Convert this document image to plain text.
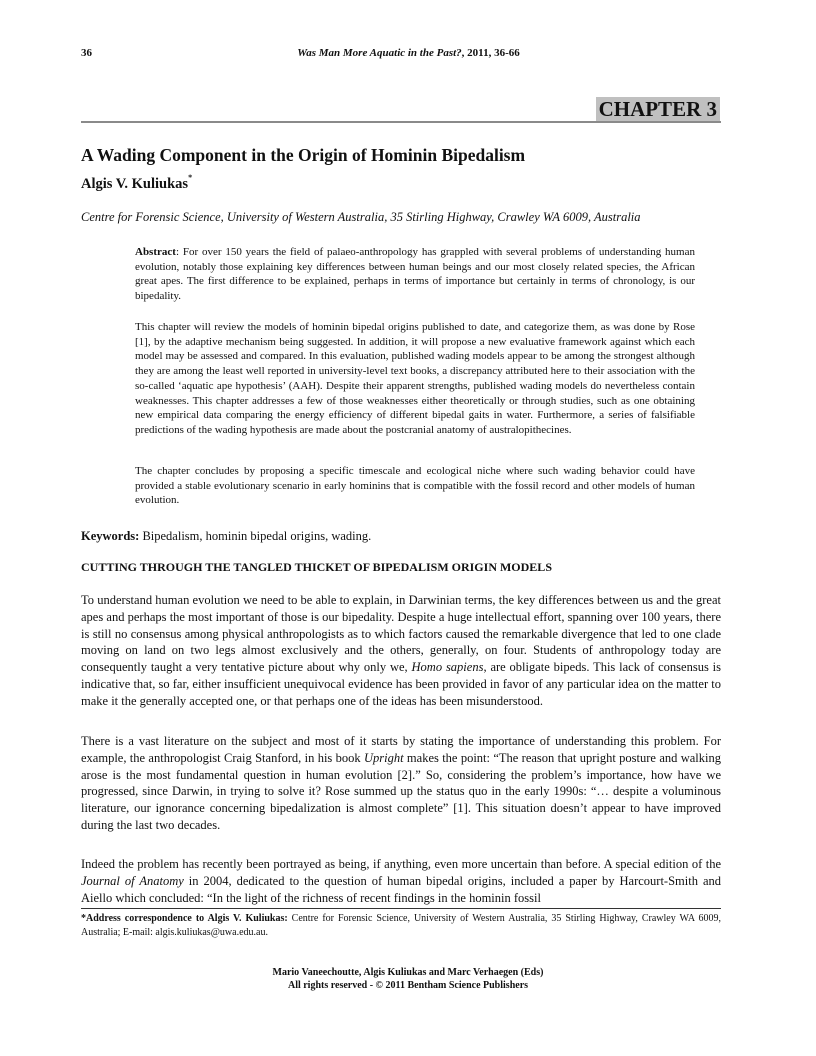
36	Was Man More Aquatic in the Past?, 2011, 36-66
CHAPTER 3
A Wading Component in the Origin of Hominin Bipedalism
Algis V. Kuliukas*
Centre for Forensic Science, University of Western Australia, 35 Stirling Highway, Crawley WA 6009, Australia
Abstract: For over 150 years the field of palaeo-anthropology has grappled with several problems of understanding human evolution, notably those explaining key differences between human beings and our most closely related species, the African great apes. The first difference to be explained, perhaps in terms of importance but certainly in terms of chronology, is our bipedality.
This chapter will review the models of hominin bipedal origins published to date, and categorize them, as was done by Rose [1], by the adaptive mechanism being suggested. In addition, it will propose a new evaluative framework against which each model may be assessed and compared. In this evaluation, published wading models appear to be among the strongest although they are among the least well reported in university-level text books, a discrepancy attributed here to their association with the so-called ‘aquatic ape hypothesis’ (AAH). Despite their apparent strengths, published wading models do nevertheless contain weaknesses. This chapter addresses a few of those weaknesses either theoretically or through studies, such as one obtaining new empirical data comparing the energy efficiency of different bipedal gaits in water. Furthermore, a series of falsifiable predictions of the wading hypothesis are made about the postcranial anatomy of australopithecines.
The chapter concludes by proposing a specific timescale and ecological niche where such wading behavior could have provided a stable evolutionary scenario in early hominins that is compatible with the fossil record and other models of human evolution.
Keywords: Bipedalism, hominin bipedal origins, wading.
CUTTING THROUGH THE TANGLED THICKET OF BIPEDALISM ORIGIN MODELS
To understand human evolution we need to be able to explain, in Darwinian terms, the key differences between us and the great apes and perhaps the most important of those is our bipedality. Despite a huge intellectual effort, spanning over 100 years, there is still no consensus among physical anthropologists as to which factors caused the remarkable divergence that led to one clade moving on land on two legs almost exclusively and the others, generally, on four. Students of anthropology today are consequently taught a very tentative picture about why only we, Homo sapiens, are obligate bipeds. This lack of consensus is indicative that, so far, either insufficient unequivocal evidence has been provided in favor of any particular idea on the matter to make it the generally accepted one, or that perhaps one of the ideas has been misunderstood.
There is a vast literature on the subject and most of it starts by stating the importance of understanding this problem. For example, the anthropologist Craig Stanford, in his book Upright makes the point: “The reason that upright posture and walking arose is the most fundamental question in human evolution [2].” So, considering the problem’s importance, how have we progressed, since Darwin, in trying to solve it? Rose summed up the status quo in the early 1990s: “… despite a voluminous literature, our ignorance concerning bipedalization is almost complete” [1]. This situation doesn’t appear to have improved during the last two decades.
Indeed the problem has recently been portrayed as being, if anything, even more uncertain than before. A special edition of the Journal of Anatomy in 2004, dedicated to the question of human bipedal origins, included a paper by Harcourt-Smith and Aiello which concluded: “In the light of the richness of recent findings in the hominin fossil
*Address correspondence to Algis V. Kuliukas: Centre for Forensic Science, University of Western Australia, 35 Stirling Highway, Crawley WA 6009, Australia; E-mail: algis.kuliukas@uwa.edu.au.
Mario Vaneechoutte, Algis Kuliukas and Marc Verhaegen (Eds)
All rights reserved - © 2011 Bentham Science Publishers
